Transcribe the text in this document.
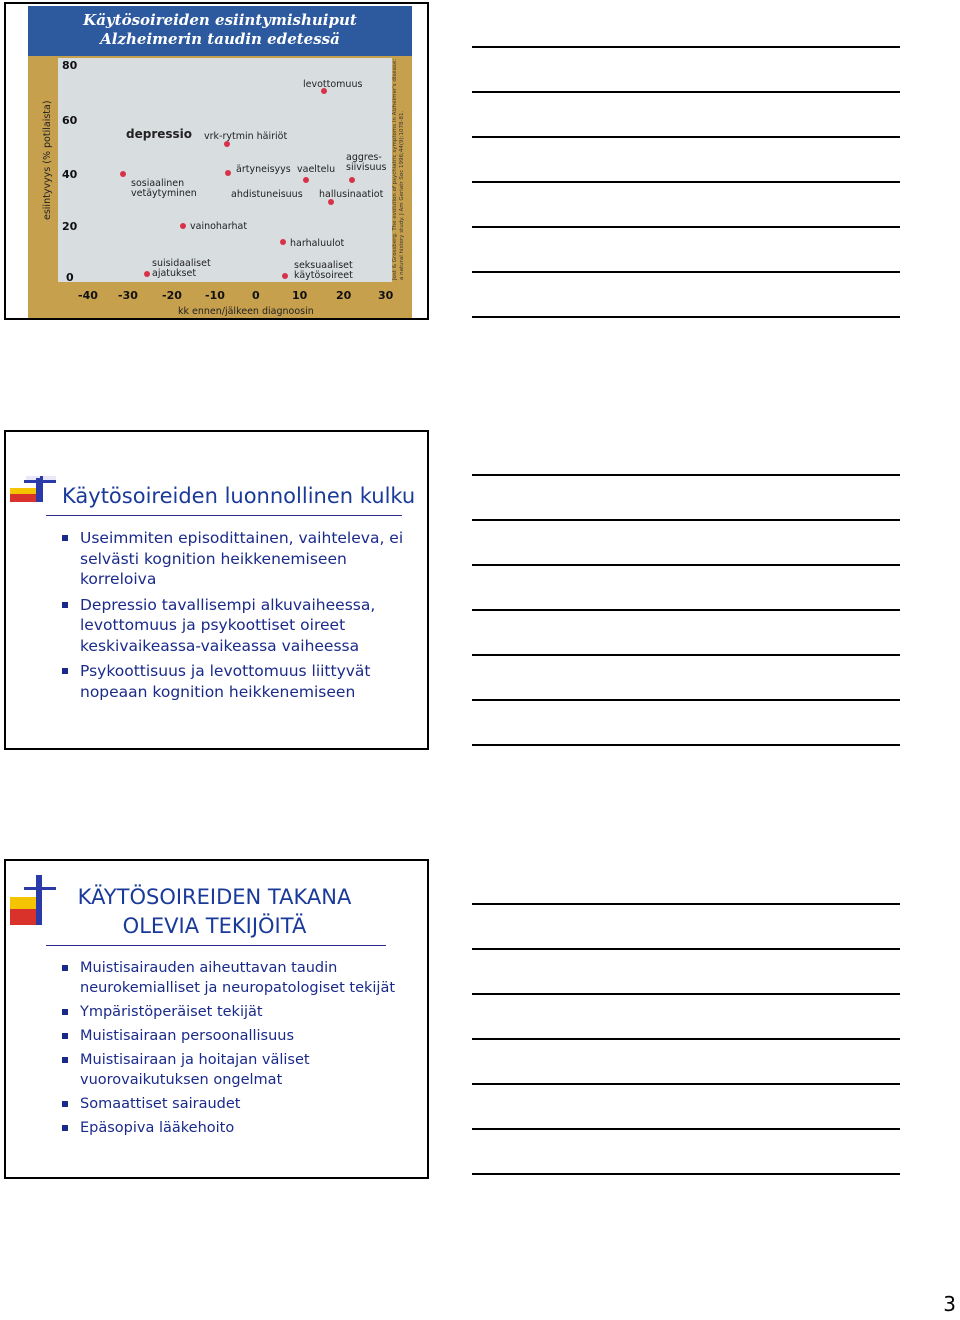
Käytösoireiden esiintymishuiput
Alzheimerin taudin edetessä
esiintyvyys (% potilaista)
80
60
40
20
0
-40 -30 -20 -10 0	10	20 30
kk ennen/jälkeen diagnoosin
depressio vrk-rytmin häiriöt
levottomuus
sosiaalinen
vetäytyminen
ärtyneisyys vaeltelu
aggres-
siivisuus
ahdistuneisuus hallusinaatiot
vainoharhat
harhaluulot
suisidaaliset
ajatukset
seksuaaliset
käytösoireet	Jost & Grossberg. The evolution of psychiatric symptoms in Alzheimer's disease: a natural history study. J Am Geriatr Soc 1996;44(9):1078-81.
Käytösoireiden luonnollinen kulku
Useimmiten episodittainen, vaihteleva, ei selvästi kognition heikkenemiseen korreloiva
Depressio tavallisempi alkuvaiheessa, levottomuus ja psykoottiset oireet keskivaikeassa-vaikeassa vaiheessa
Psykoottisuus ja levottomuus liittyvät nopeaan kognition heikkenemiseen
KÄYTÖSOIREIDEN TAKANA
OLEVIA TEKIJÖITÄ
Muistisairauden aiheuttavan taudin neurokemialliset ja neuropatologiset tekijät
Ympäristöperäiset tekijät
Muistisairaan persoonallisuus
Muistisairaan ja hoitajan väliset vuorovaikutuksen ongelmat
Somaattiset sairaudet
Epäsopiva lääkehoito
3
